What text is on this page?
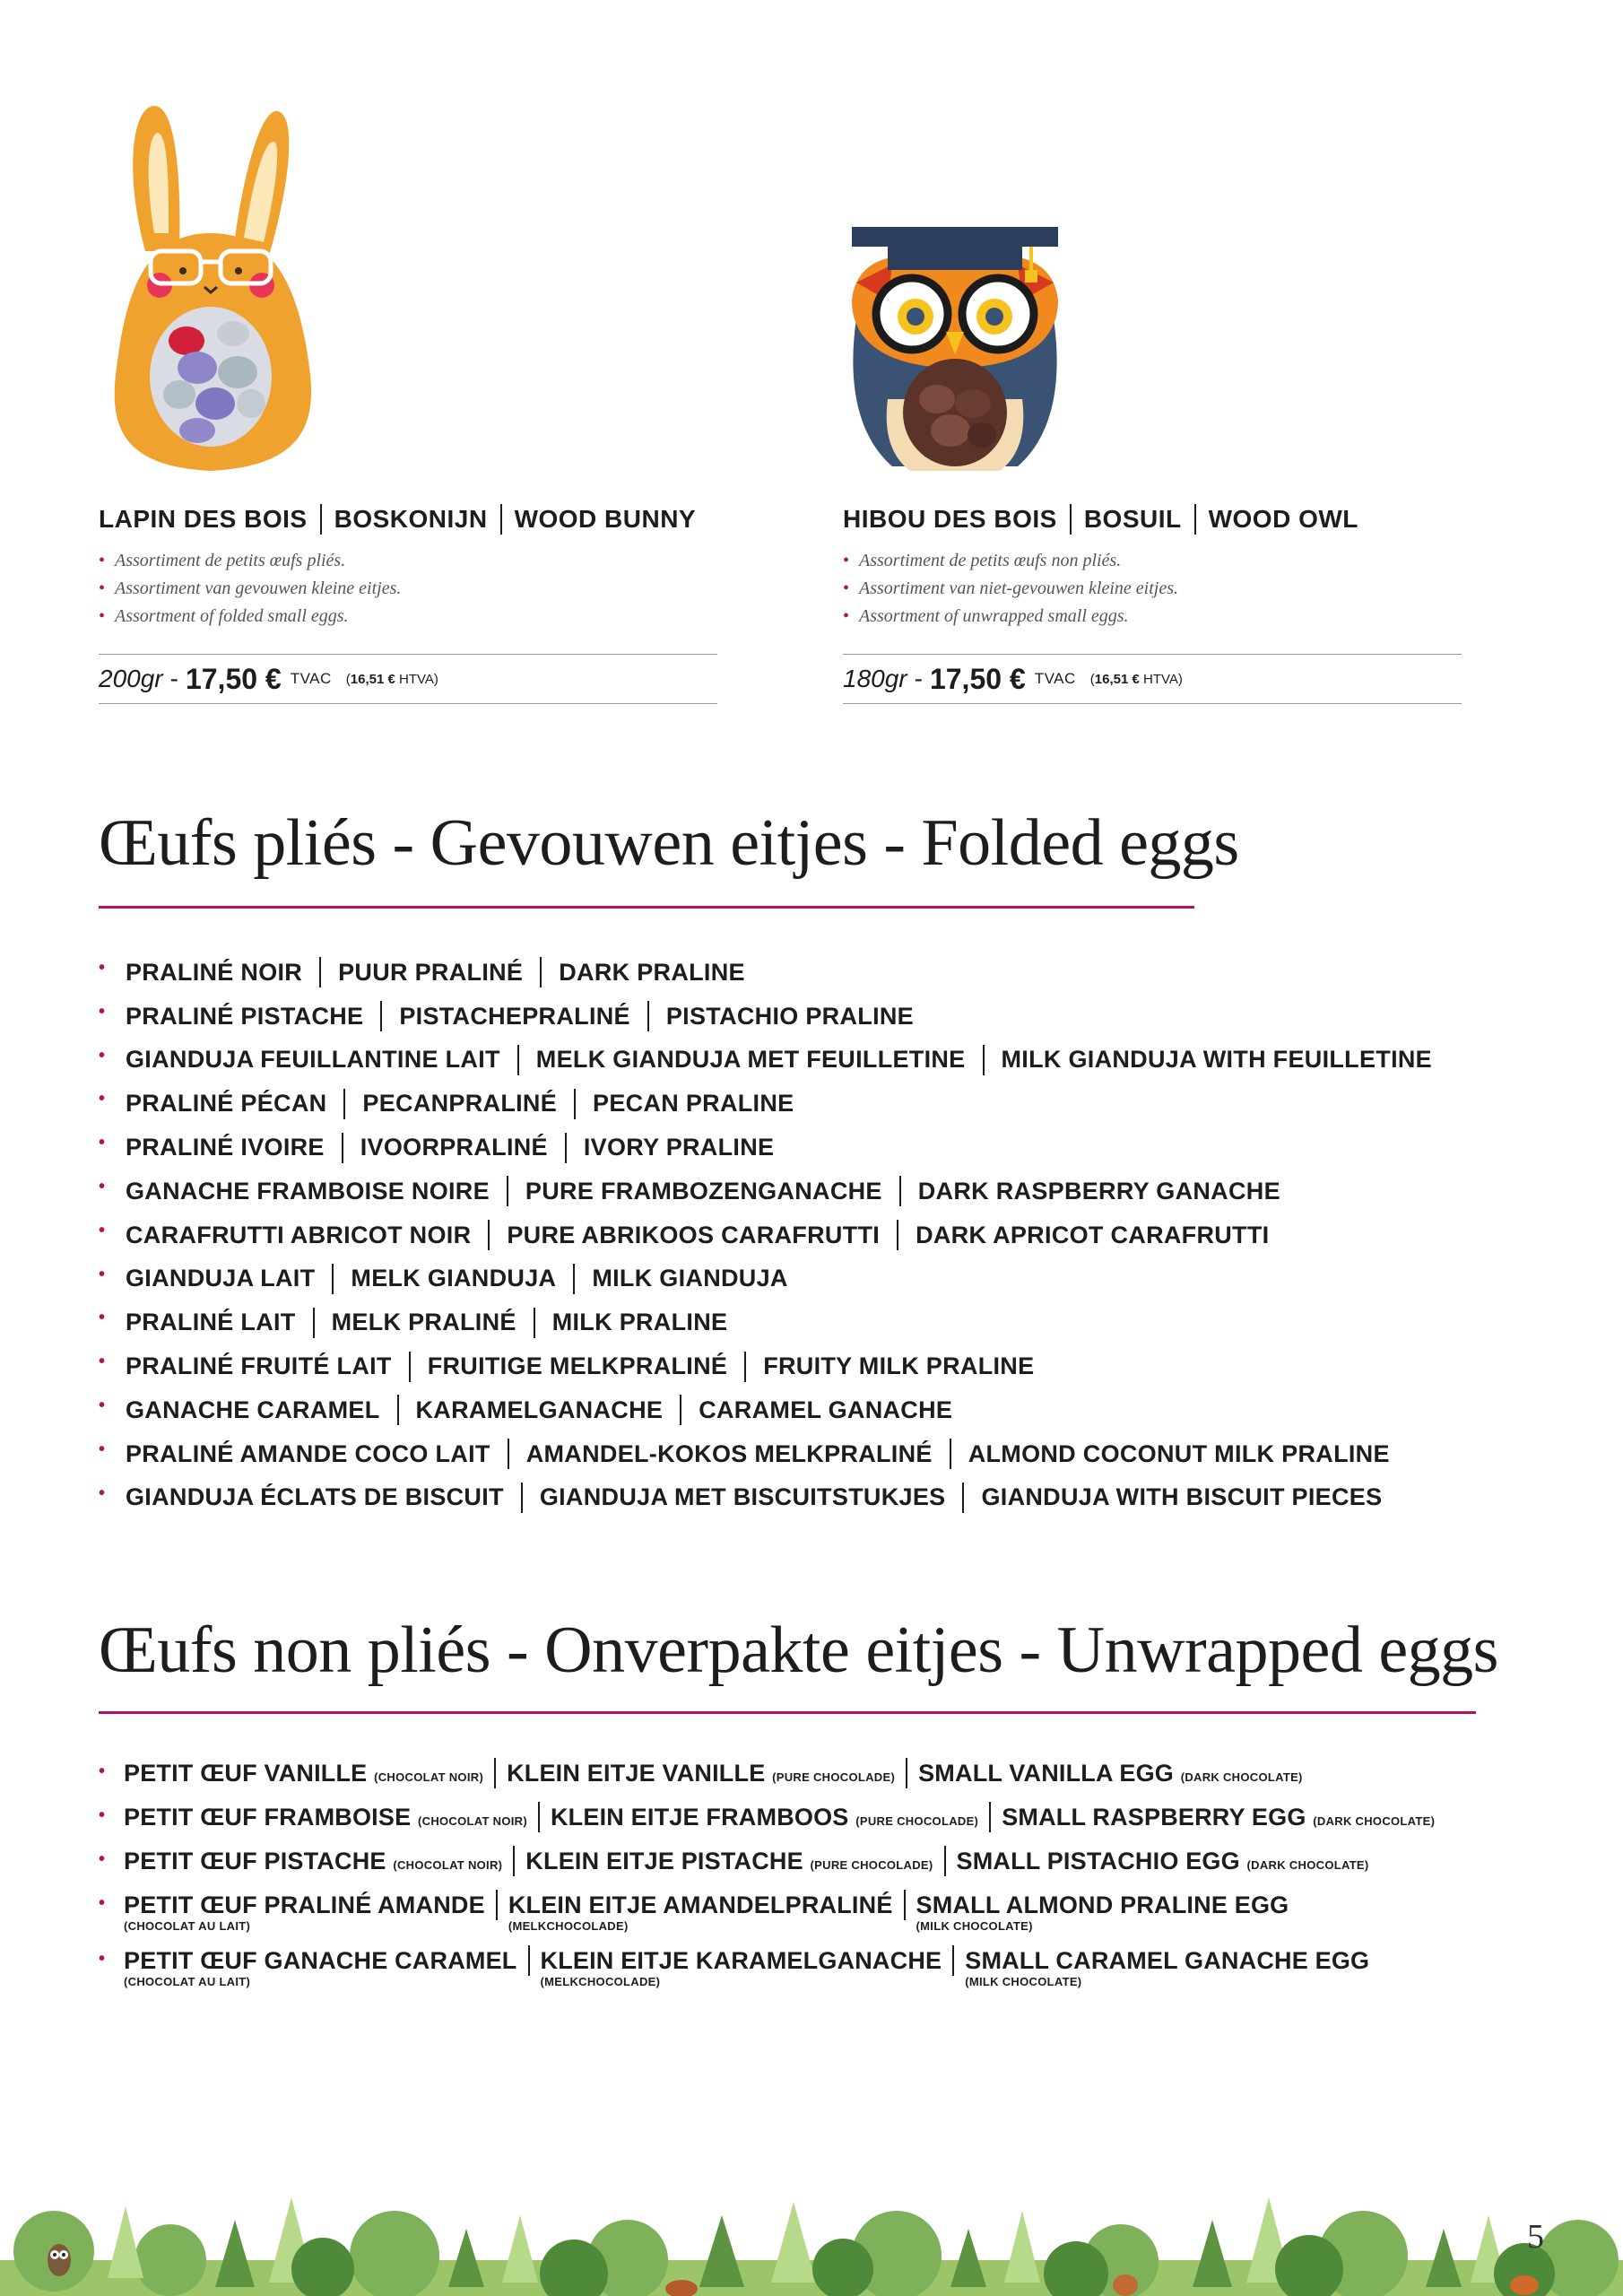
LAPIN DES BOIS BOSKONIJN WOOD BUNNY
• Assortiment de petits œufs pliés.
• Assortiment van gevouwen kleine eitjes.
• Assortment of folded small eggs.
200gr - 17,50 € TVAC (16,51 € HTVA)
HIBOU DES BOIS BOSUIL WOOD OWL
• Assortiment de petits œufs non pliés.
• Assortiment van niet-gevouwen kleine eitjes.
• Assortment of unwrapped small eggs.
180gr - 17,50 € TVAC (16,51 € HTVA)
Œufs pliés - Gevouwen eitjes - Folded eggs
• PRALINÉ NOIR PUUR PRALINÉ DARK PRALINE
• PRALINÉ PISTACHE PISTACHEPRALINÉ PISTACHIO PRALINE
• GIANDUJA FEUILLANTINE LAIT MELK GIANDUJA MET FEUILLETINE MILK GIANDUJA WITH FEUILLETINE
• PRALINÉ PÉCAN PECANPRALINÉ PECAN PRALINE
• PRALINÉ IVOIRE IVOORPRALINÉ IVORY PRALINE
• GANACHE FRAMBOISE NOIRE PURE FRAMBOZENGANACHE DARK RASPBERRY GANACHE
• CARAFRUTTI ABRICOT NOIR PURE ABRIKOOS CARAFRUTTI DARK APRICOT CARAFRUTTI
• GIANDUJA LAIT MELK GIANDUJA MILK GIANDUJA
• PRALINÉ LAIT MELK PRALINÉ MILK PRALINE
• PRALINÉ FRUITÉ LAIT FRUITIGE MELKPRALINÉ FRUITY MILK PRALINE
• GANACHE CARAMEL KARAMELGANACHE CARAMEL GANACHE
• PRALINÉ AMANDE COCO LAIT AMANDEL-KOKOS MELKPRALINÉ ALMOND COCONUT MILK PRALINE
• GIANDUJA ÉCLATS DE BISCUIT GIANDUJA MET BISCUITSTUKJES GIANDUJA WITH BISCUIT PIECES
Œufs non pliés - Onverpakte eitjes - Unwrapped eggs
• PETIT ŒUF VANILLE (CHOCOLAT NOIR) KLEIN EITJE VANILLE (PURE CHOCOLADE) SMALL VANILLA EGG (DARK CHOCOLATE)
• PETIT ŒUF FRAMBOISE (CHOCOLAT NOIR) KLEIN EITJE FRAMBOOS (PURE CHOCOLADE) SMALL RASPBERRY EGG (DARK CHOCOLATE)
• PETIT ŒUF PISTACHE (CHOCOLAT NOIR) KLEIN EITJE PISTACHE (PURE CHOCOLADE) SMALL PISTACHIO EGG (DARK CHOCOLATE)
• PETIT ŒUF PRALINÉ AMANDE
(CHOCOLAT AU LAIT)
KLEIN EITJE AMANDELPRALINÉ
(MELKCHOCOLADE)
SMALL ALMOND PRALINE EGG
(MILK CHOCOLATE)
• PETIT ŒUF GANACHE CARAMEL
(CHOCOLAT AU LAIT)
KLEIN EITJE KARAMELGANACHE
(MELKCHOCOLADE)
SMALL CARAMEL GANACHE EGG
(MILK CHOCOLATE)
5
